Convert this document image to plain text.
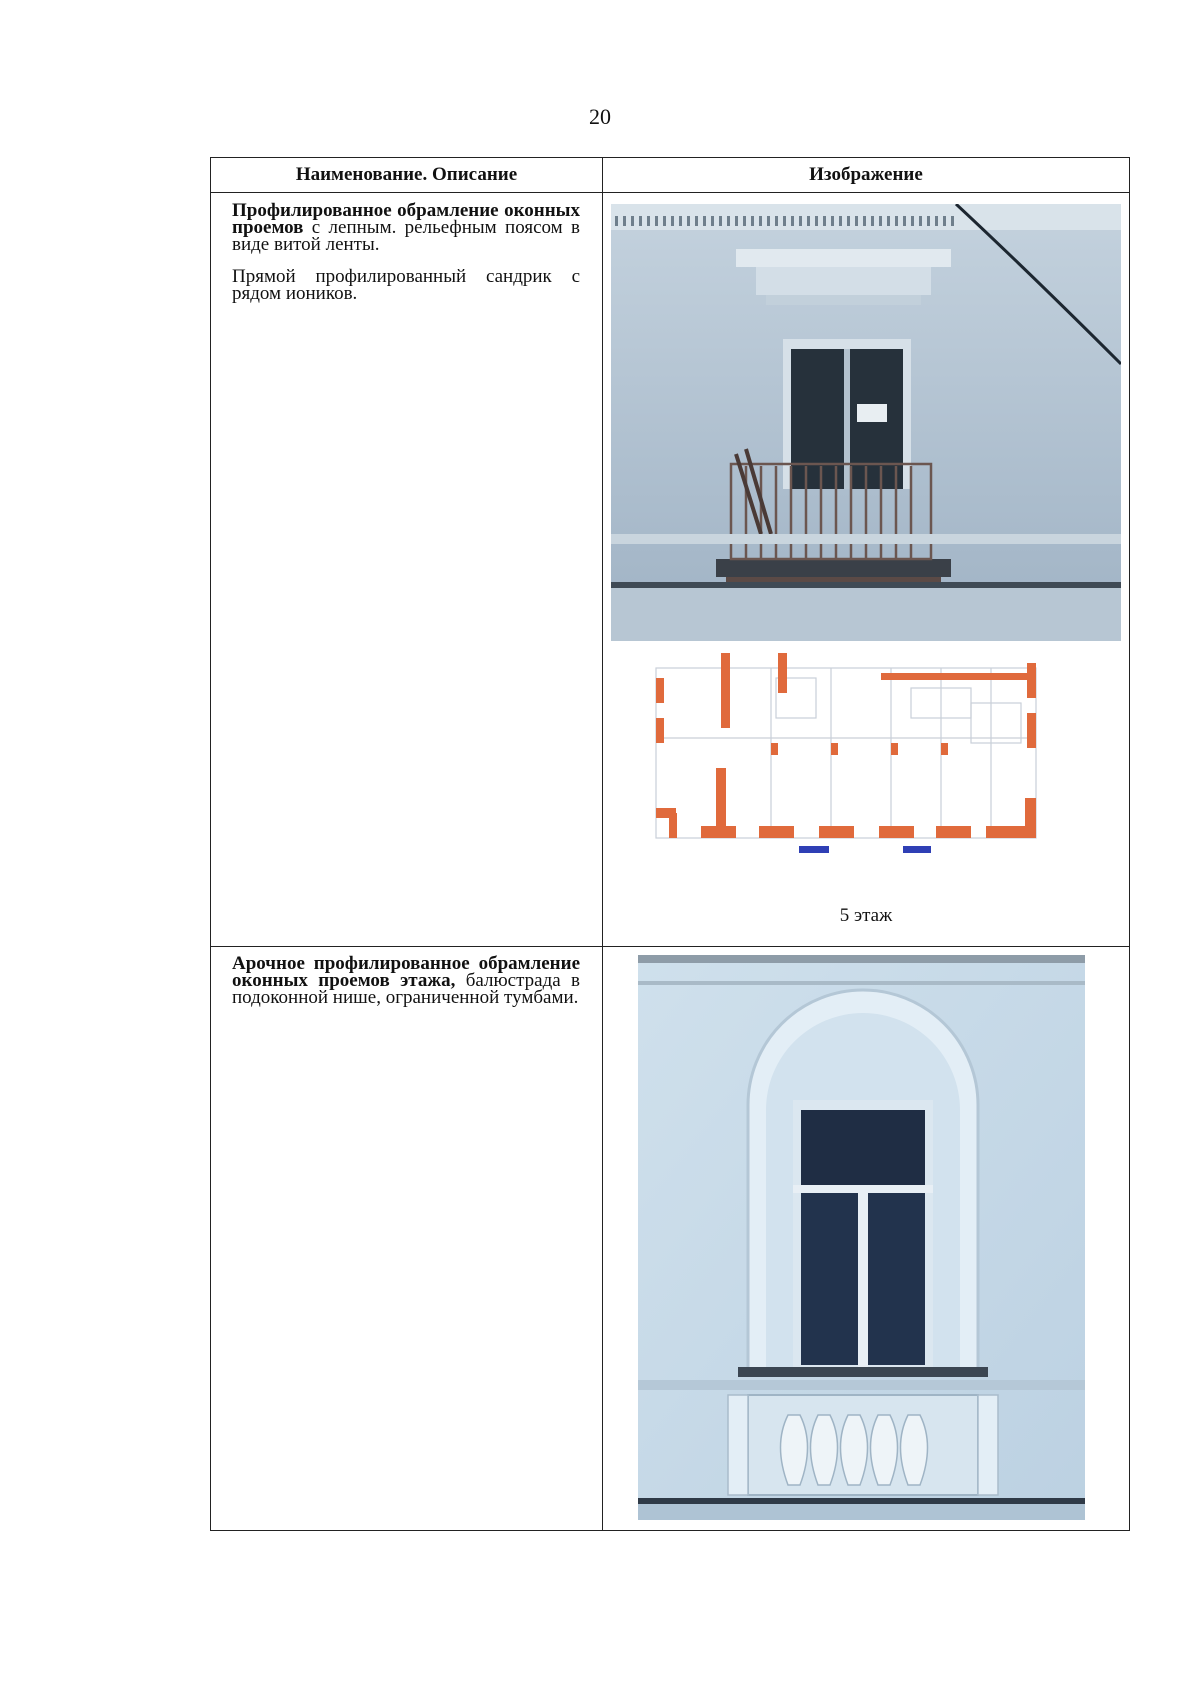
20
Наименование. Описание	Изображение

Профилированное обрамление оконных проемов с лепным. рельефным поясом в виде витой ленты.

Прямой профилированный сандрик с рядом иоников.

5 этаж

Арочное профилированное обрамление оконных проемов этажа, балюстрада в подоконной нише, ограниченной тумбами.
